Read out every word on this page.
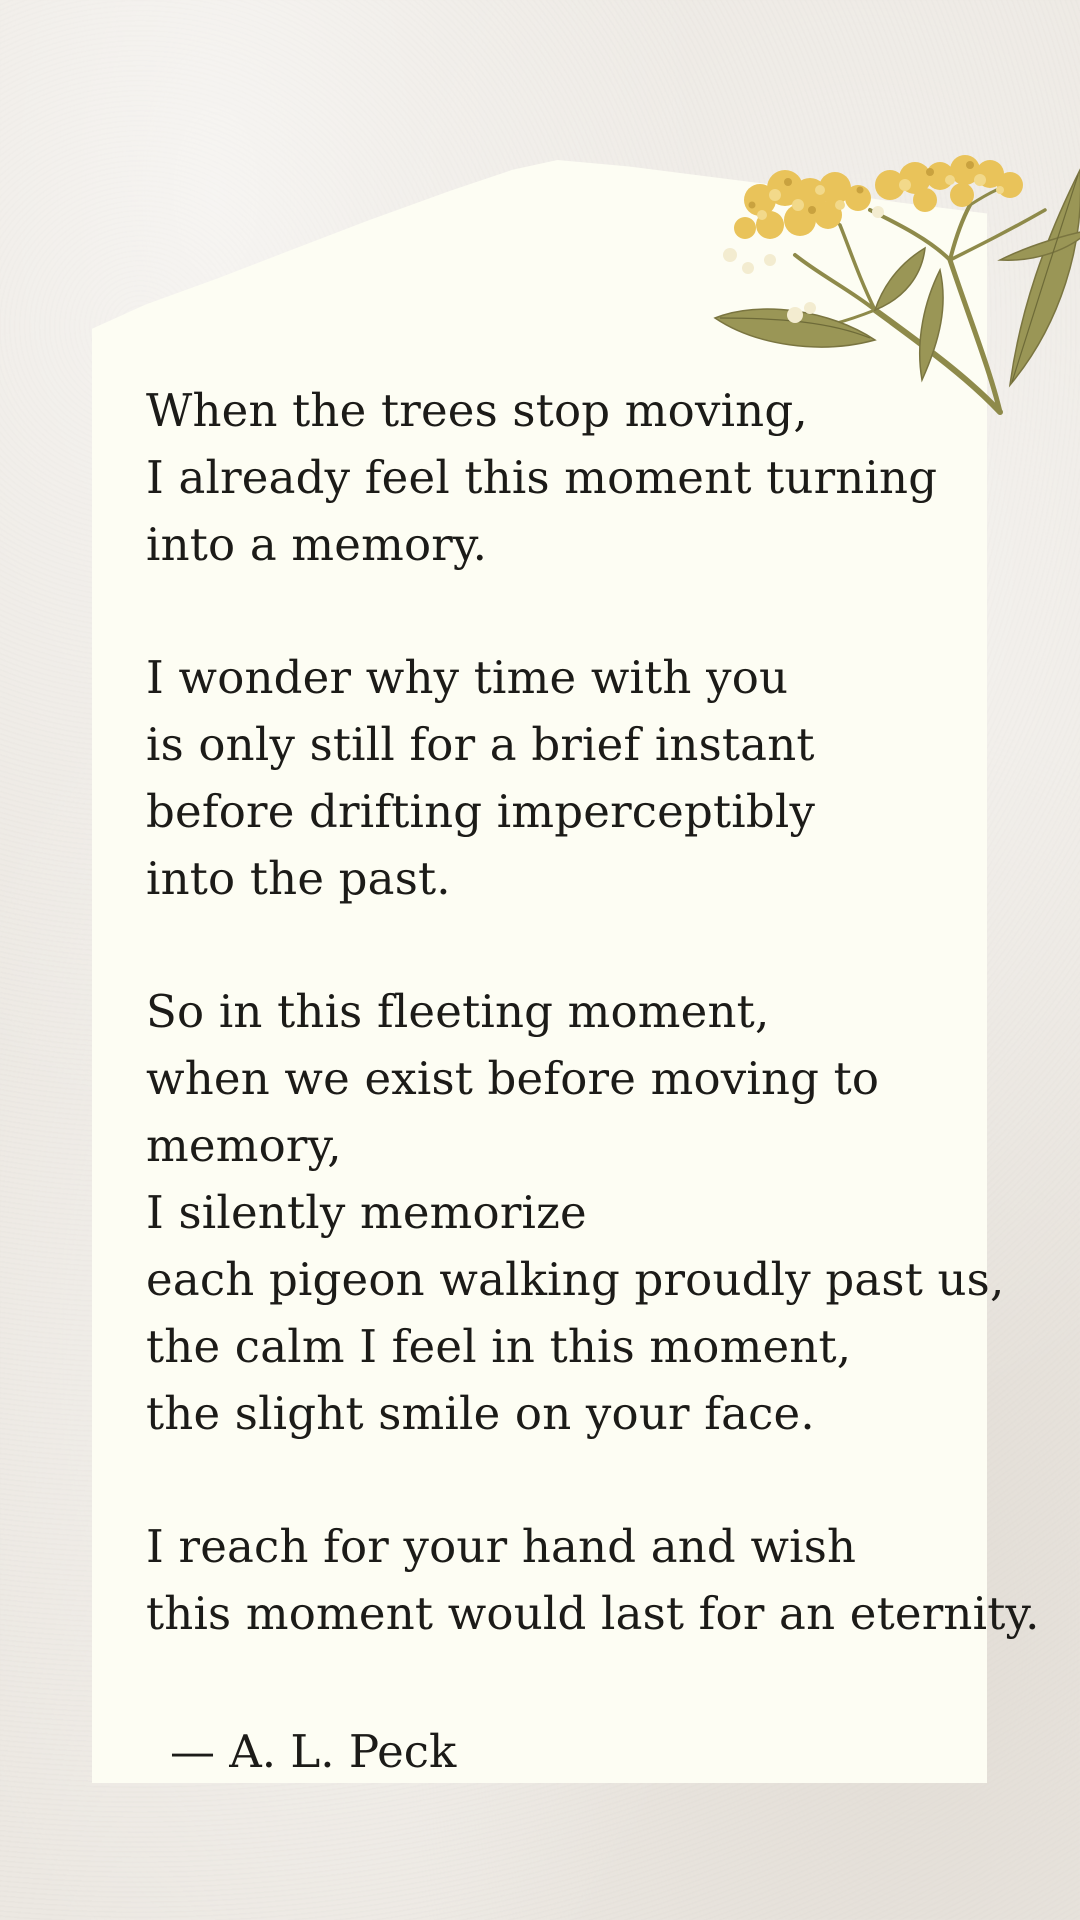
When the trees stop moving,
I already feel this moment turning
into a memory.
I wonder why time with you
is only still for a brief instant
before drifting imperceptibly
into the past.
So in this fleeting moment,
when we exist before moving to
memory,
I silently memorize
each pigeon walking proudly past us,
the calm I feel in this moment,
the slight smile on your face.
I reach for your hand and wish
this moment would last for an eternity.
— A. L. Peck
